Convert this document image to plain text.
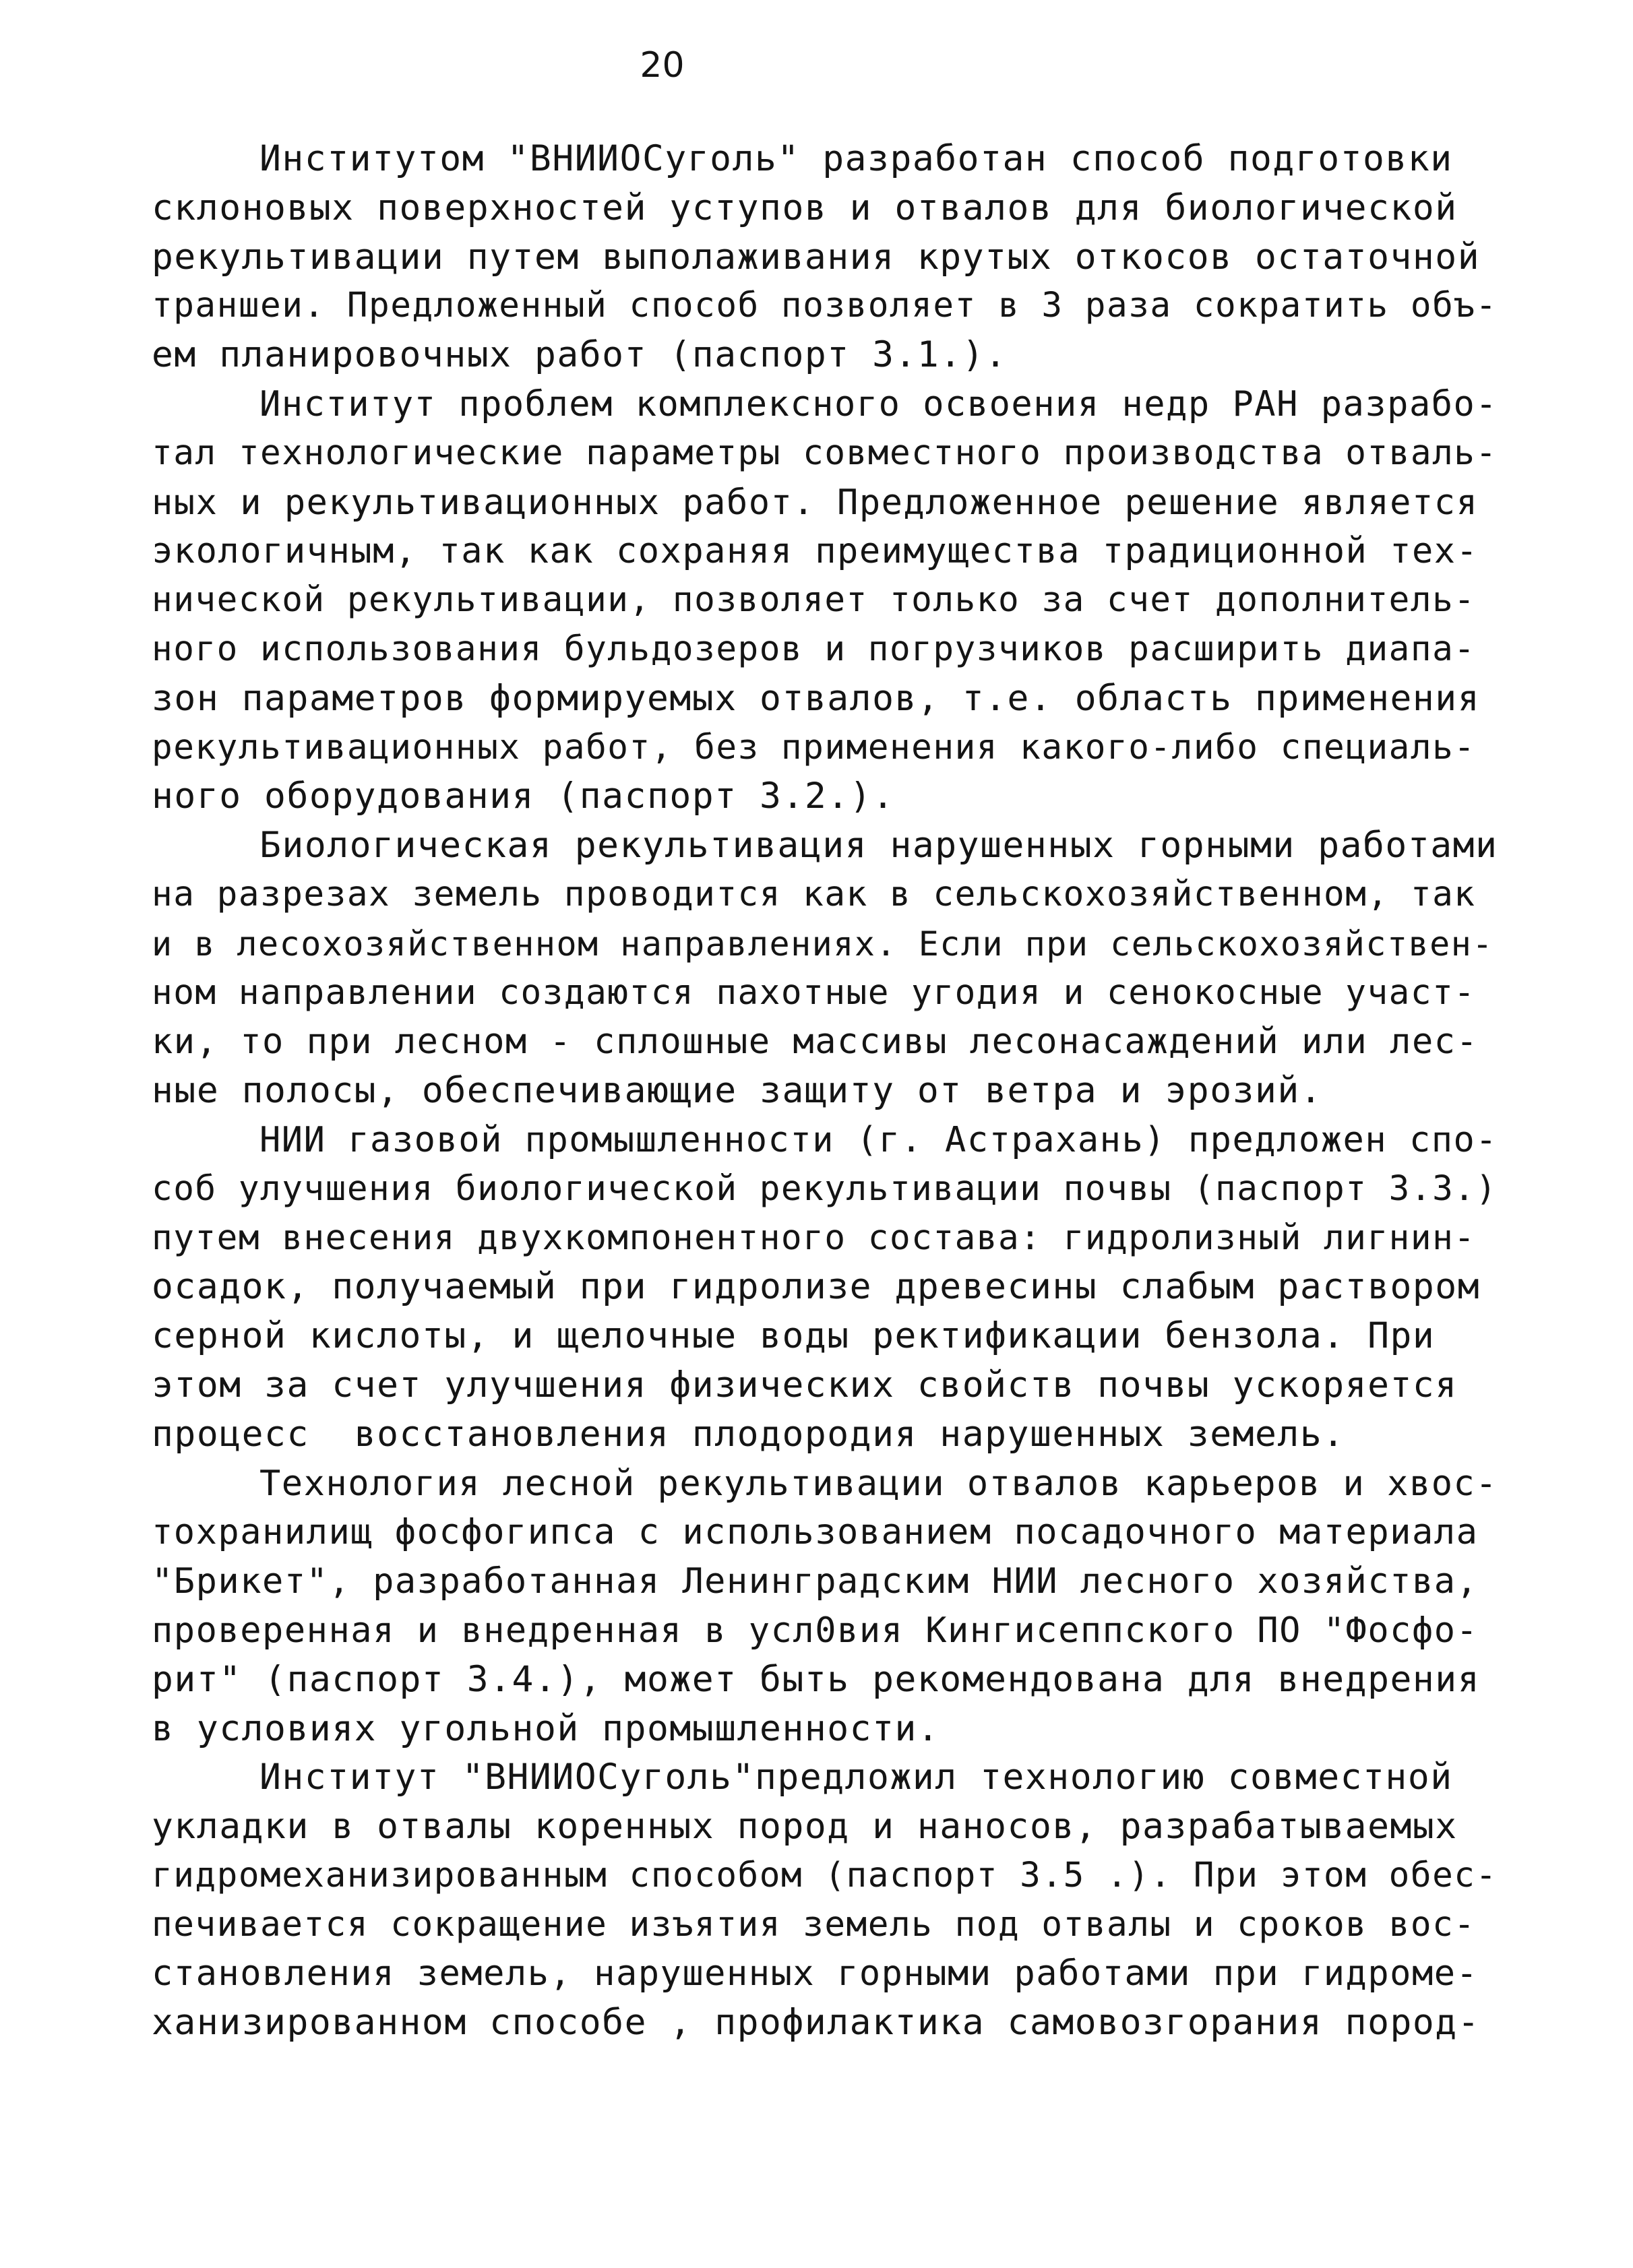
20
Институтом "ВНИИОСуголь" разработан способ подготовки
склоновых поверхностей уступов и отвалов для биологической
рекультивации путем выполаживания крутых откосов остаточной
траншеи. Предложенный способ позволяет в 3 раза сократить объ-
ем планировочных работ (паспорт 3.1.).
Институт проблем комплексного освоения недр РАН разрабо-
тал технологические параметры совместного производства отваль-
ных и рекультивационных работ. Предложенное решение является
экологичным, так как сохраняя преимущества традиционной тех-
нической рекультивации, позволяет только за счет дополнитель-
ного использования бульдозеров и погрузчиков расширить диапа-
зон параметров формируемых отвалов, т.е. область применения
рекультивационных работ, без применения какого-либо специаль-
ного оборудования (паспорт 3.2.).
Биологическая рекультивация нарушенных горными работами
на разрезах земель проводится как в сельскохозяйственном, так
и в лесохозяйственном направлениях. Если при сельскохозяйствен-
ном направлении создаются пахотные угодия и сенокосные участ-
ки, то при лесном - сплошные массивы лесонасаждений или лес-
ные полосы, обеспечивающие защиту от ветра и эрозий.
НИИ газовой промышленности (г. Астрахань) предложен спо-
соб улучшения биологической рекультивации почвы (паспорт 3.3.)
путем внесения двухкомпонентного состава: гидролизный лигнин-
осадок, получаемый при гидролизе древесины слабым раствором
серной кислоты, и щелочные воды ректификации бензола. При
этом за счет улучшения физических свойств почвы ускоряется
процесс  восстановления плодородия нарушенных земель.
Технология лесной рекультивации отвалов карьеров и хвос-
тохранилищ фосфогипса с использованием посадочного материала
"Брикет", разработанная Ленинградским НИИ лесного хозяйства,
проверенная и внедренная в усл0вия Кингисеппского ПО "Фосфо-
рит" (паспорт 3.4.), может быть рекомендована для внедрения
в условиях угольной промышленности.
Институт "ВНИИОСуголь"предложил технологию совместной
укладки в отвалы коренных пород и наносов, разрабатываемых
гидромеханизированным способом (паспорт 3.5 .). При этом обес-
печивается сокращение изъятия земель под отвалы и сроков вос-
становления земель, нарушенных горными работами при гидроме-
ханизированном способе , профилактика самовозгорания пород-
